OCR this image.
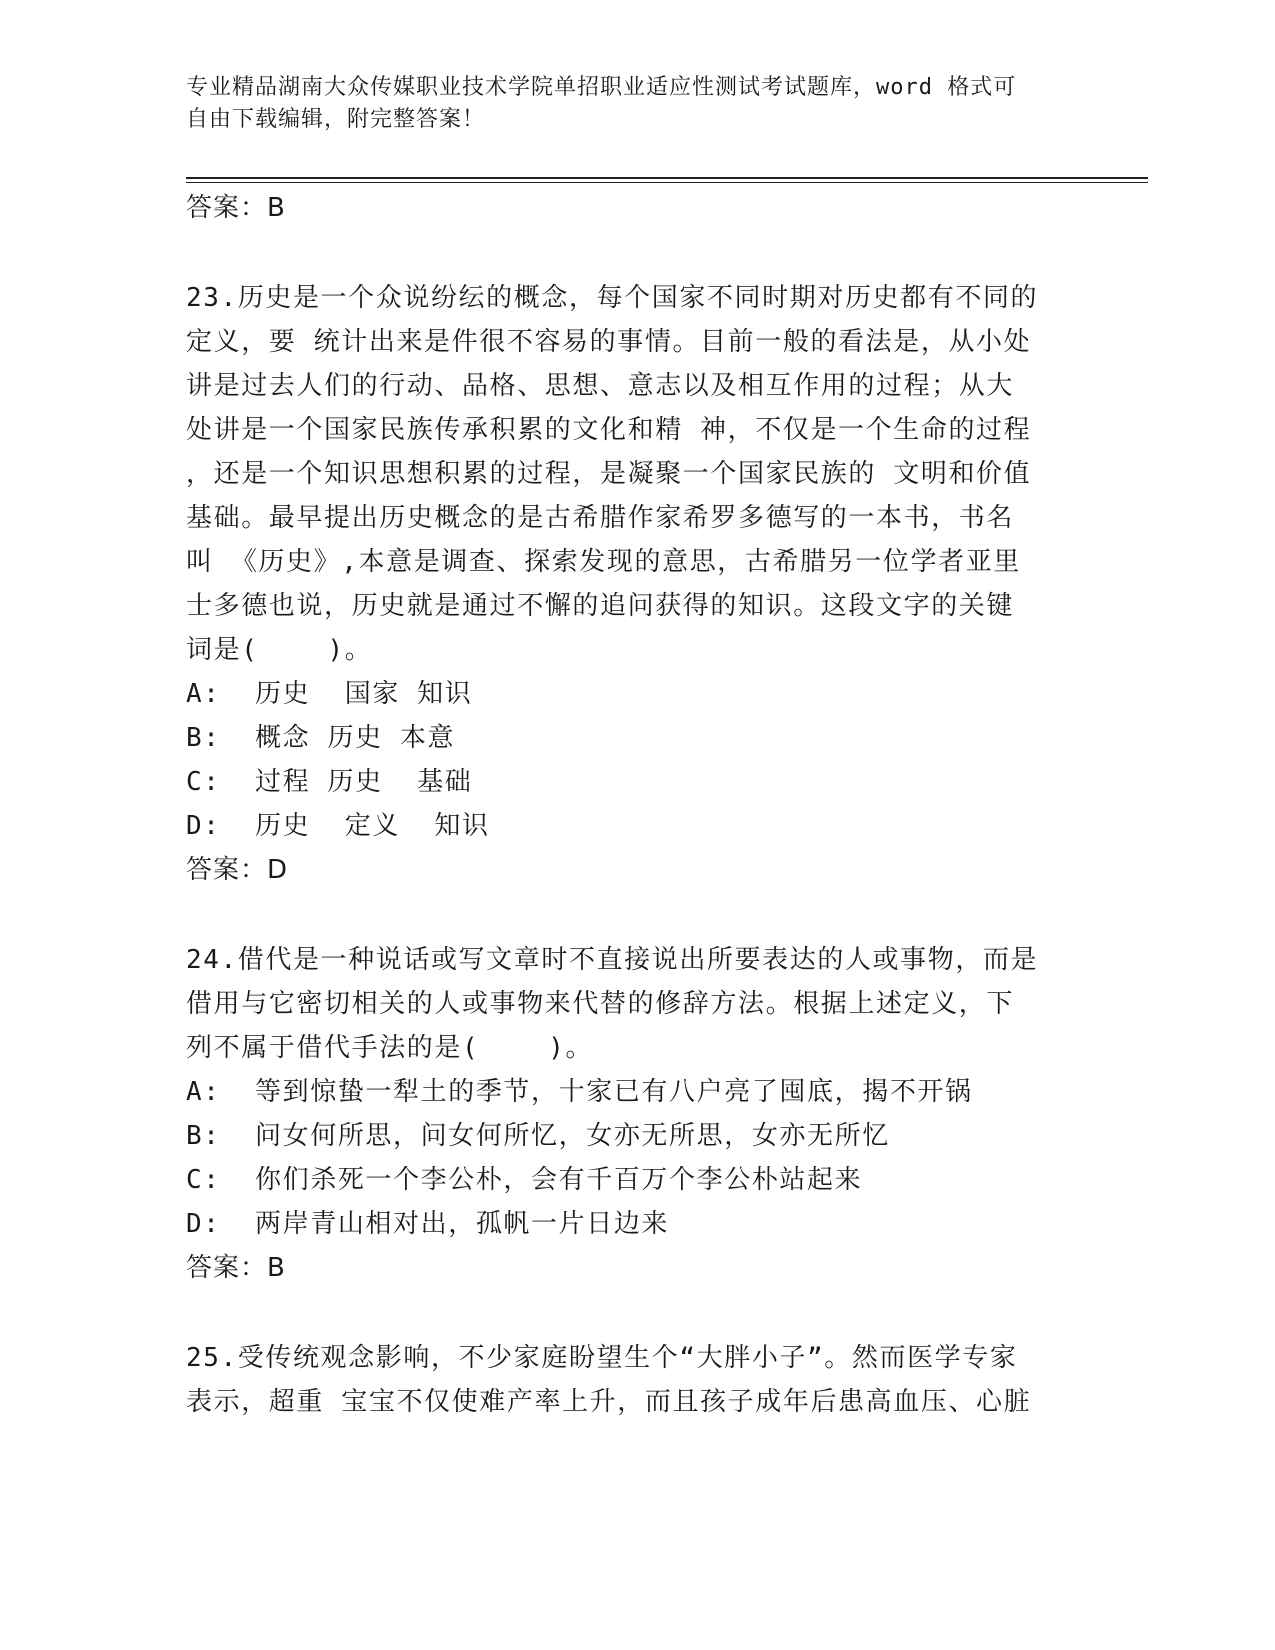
专业精品湖南大众传媒职业技术学院单招职业适应性测试考试题库，word 格式可
自由下载编辑，附完整答案！
答案：B
23.历史是一个众说纷纭的概念，每个国家不同时期对历史都有不同的
定义，要 统计出来是件很不容易的事情。目前一般的看法是，从小处
讲是过去人们的行动、品格、思想、意志以及相互作用的过程；从大
处讲是一个国家民族传承积累的文化和精 神，不仅是一个生命的过程
，还是一个知识思想积累的过程，是凝聚一个国家民族的 文明和价值
基础。最早提出历史概念的是古希腊作家希罗多德写的一本书，书名
叫 《历史》,本意是调查、探索发现的意思，古希腊另一位学者亚里
士多德也说，历史就是通过不懈的追问获得的知识。这段文字的关键
词是(    )。
A:  历史  国家 知识
B:  概念 历史 本意
C:  过程 历史  基础
D:  历史  定义  知识
答案：D
24.借代是一种说话或写文章时不直接说出所要表达的人或事物，而是
借用与它密切相关的人或事物来代替的修辞方法。根据上述定义，下
列不属于借代手法的是(    )。
A:  等到惊蛰一犁土的季节，十家已有八户亮了囤底，揭不开锅
B:  问女何所思，问女何所忆，女亦无所思，女亦无所忆
C:  你们杀死一个李公朴，会有千百万个李公朴站起来
D:  两岸青山相对出，孤帆一片日边来
答案：B
25.受传统观念影响，不少家庭盼望生个“大胖小子”。然而医学专家
表示，超重 宝宝不仅使难产率上升，而且孩子成年后患高血压、心脏
